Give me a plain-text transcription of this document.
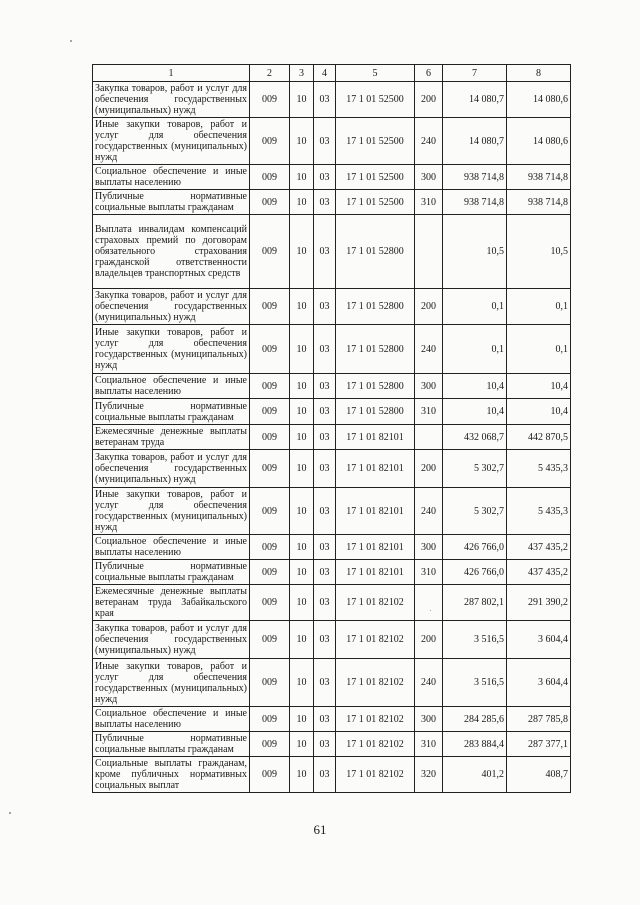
1	2	3	4	5	6	7	8
Закупка товаров, работ и услуг для обеспечения государственных (муниципальных) нужд	009	10	03	17 1 01 52500	200	14 080,7	14 080,6
Иные закупки товаров, работ и услуг для обеспечения государственных (муниципальных) нужд	009	10	03	17 1 01 52500	240	14 080,7	14 080,6
Социальное обеспечение и иные выплаты населению	009	10	03	17 1 01 52500	300	938 714,8	938 714,8
Публичные нормативные социальные выплаты гражданам	009	10	03	17 1 01 52500	310	938 714,8	938 714,8
Выплата инвалидам компенсаций страховых премий по договорам обязательного страхования гражданской ответственности владельцев транспортных средств	009	10	03	17 1 01 52800		10,5	10,5
Закупка товаров, работ и услуг для обеспечения государственных (муниципальных) нужд	009	10	03	17 1 01 52800	200	0,1	0,1
Иные закупки товаров, работ и услуг для обеспечения государственных (муниципальных) нужд	009	10	03	17 1 01 52800	240	0,1	0,1
Социальное обеспечение и иные выплаты населению	009	10	03	17 1 01 52800	300	10,4	10,4
Публичные нормативные социальные выплаты гражданам	009	10	03	17 1 01 52800	310	10,4	10,4
Ежемесячные денежные выплаты ветеранам труда	009	10	03	17 1 01 82101		432 068,7	442 870,5
Закупка товаров, работ и услуг для обеспечения государственных (муниципальных) нужд	009	10	03	17 1 01 82101	200	5 302,7	5 435,3
Иные закупки товаров, работ и услуг для обеспечения государственных (муниципальных) нужд	009	10	03	17 1 01 82101	240	5 302,7	5 435,3
Социальное обеспечение и иные выплаты населению	009	10	03	17 1 01 82101	300	426 766,0	437 435,2
Публичные нормативные социальные выплаты гражданам	009	10	03	17 1 01 82101	310	426 766,0	437 435,2
Ежемесячные денежные выплаты ветеранам труда Забайкальского края	009	10	03	17 1 01 82102		287 802,1	291 390,2
Закупка товаров, работ и услуг для обеспечения государственных (муниципальных) нужд	009	10	03	17 1 01 82102	200	3 516,5	3 604,4
Иные закупки товаров, работ и услуг для обеспечения государственных (муниципальных) нужд	009	10	03	17 1 01 82102	240	3 516,5	3 604,4
Социальное обеспечение и иные выплаты населению	009	10	03	17 1 01 82102	300	284 285,6	287 785,8
Публичные нормативные социальные выплаты гражданам	009	10	03	17 1 01 82102	310	283 884,4	287 377,1
Социальные выплаты гражданам, кроме публичных нормативных социальных выплат	009	10	03	17 1 01 82102	320	401,2	408,7
61
